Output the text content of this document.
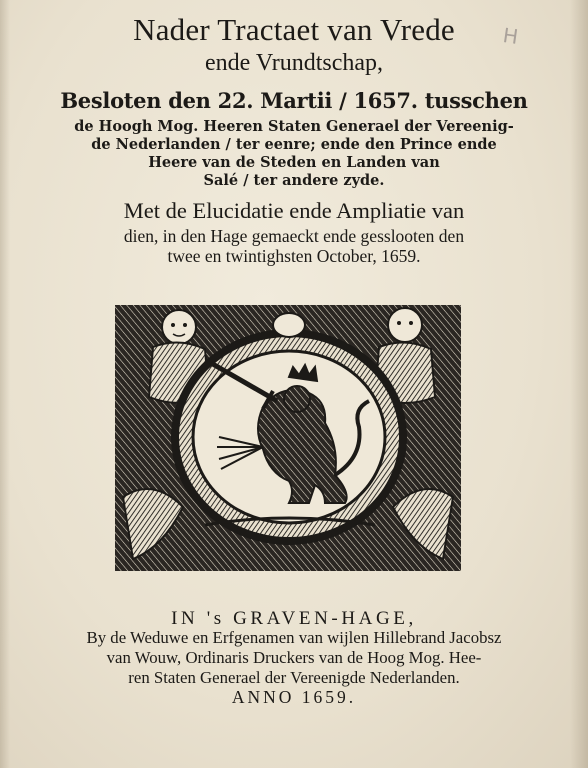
H
Nader Tractaet van Vrede
ende Vrundtschap,
Besloten den 22. Martii / 1657. tusschen
de Hoogh Mog. Heeren Staten Generael der Vereenig-
de Nederlanden / ter eenre; ende den Prince ende
Heere van de Steden en Landen van
Salé / ter andere zyde.
Met de Elucidatie ende Ampliatie van
dien, in den Hage gemaeckt ende gesslooten den
twee en twintighsten October, 1659.
IN 's GRAVEN-HAGE,
By de Weduwe en Erfgenamen van wijlen Hillebrand Jacobsz
van Wouw, Ordinaris Druckers van de Hoog Mog. Hee-
ren Staten Generael der Vereenigde Nederlanden.
ANNO 1659.
